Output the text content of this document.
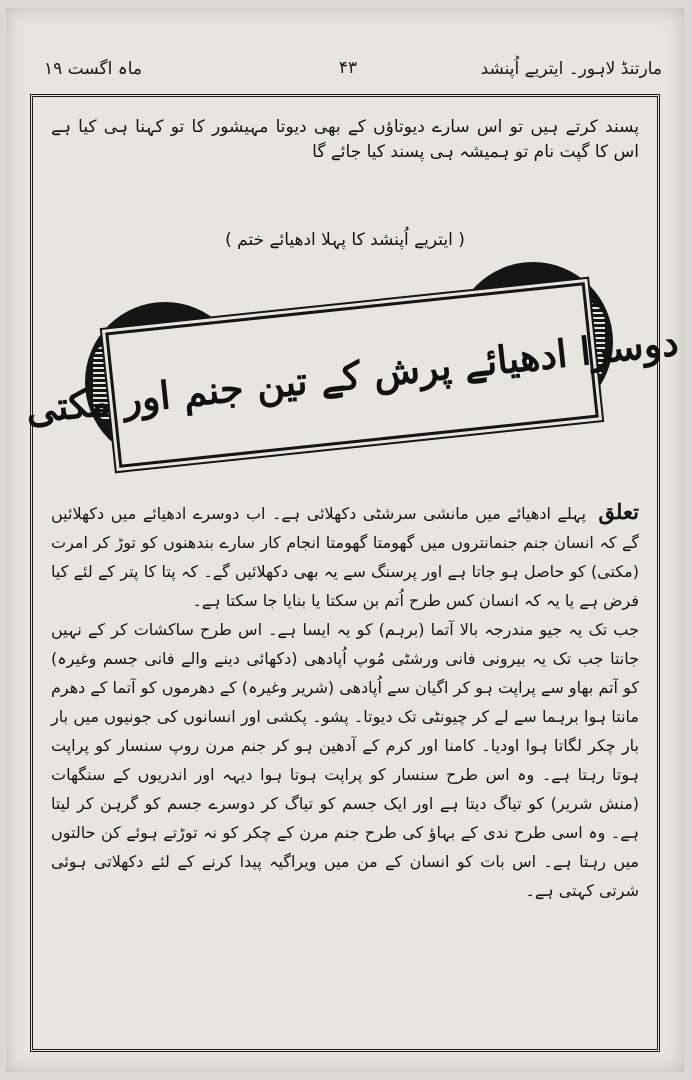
مارتنڈ لاہور۔ ایتریے اُپنشد
۴۳
ماہ اگست ۱۹
پسند کرتے ہیں تو اس سارے دیوتاؤں کے بھی دیوتا مہیشور کا تو کہنا ہی کیا ہے اس کا گپت نام تو ہمیشہ ہی پسند کیا جائے گا
( ایتریے اُپنشد کا پہلا ادھیائے ختم )
دوسرا ادھیائے پرش کے تین جنم اور مکتی

تعلق پہلے ادھیائے میں مانشی سرشٹی دکھلائی ہے۔ اب دوسرے ادھیائے میں دکھلائیں گے کہ انسان جنم جنمانتروں میں گھومتا گھومتا انجام کار سارے بندھنوں کو توڑ کر امرت (مکتی) کو حاصل ہو جاتا ہے اور پرسنگ سے یہ بھی دکھلائیں گے۔ کہ پتا کا پتر کے لئے کیا فرض ہے یا یہ کہ انسان کس طرح اُتم بن سکتا یا بنایا جا سکتا ہے۔

جب تک یہ جیو مندرجہ بالا آتما (برہم) کو یہ ایسا ہے۔ اس طرح ساکشات کر کے نہیں جانتا جب تک یہ بیرونی فانی ورشٹی مُوپ اُپادھی (دکھائی دینے والے فانی جسم وغیرہ) کو آتم بھاو سے پراپت ہو کر اگیان سے اُپادھی (شریر وغیرہ) کے دھرموں کو آتما کے دھرم مانتا ہوا برہما سے لے کر چیونٹی تک دیوتا۔ پشو۔ پکشی اور انسانوں کی جونیوں میں بار بار چکر لگاتا ہوا اودیا۔ کامنا اور کرم کے آدھین ہو کر جنم مرن روپ سنسار کو پراپت ہوتا رہتا ہے۔ وہ اس طرح سنسار کو پراپت ہوتا ہوا دیہہ اور اندریوں کے سنگھات (منش شریر) کو تیاگ دیتا ہے اور ایک جسم کو تیاگ کر دوسرے جسم کو گرہن کر لیتا ہے۔ وہ اسی طرح ندی کے بہاؤ کی طرح جنم مرن کے چکر کو نہ توڑتے ہوئے کن حالتوں میں رہتا ہے۔ اس بات کو انسان کے من میں ویراگیہ پیدا کرنے کے لئے دکھلاتی ہوئی شرتی کہتی ہے۔
